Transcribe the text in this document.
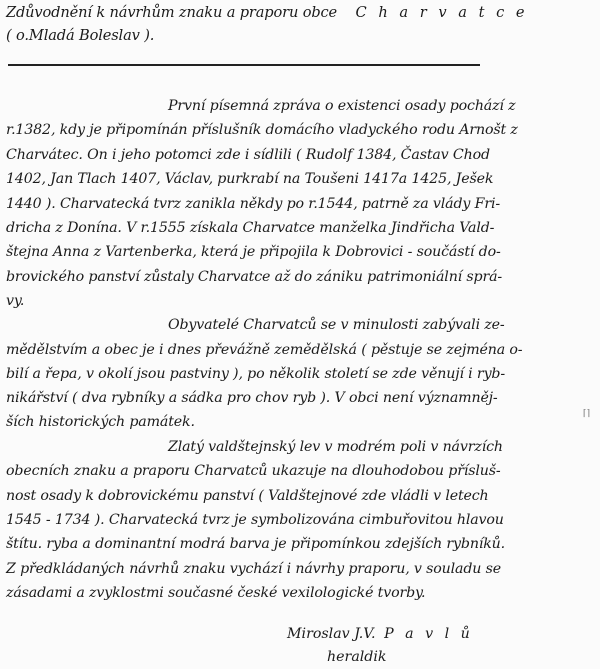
Zdůvodnění k návrhům znaku a praporu obce C h a r v a t c e
( o.Mladá Boleslav ).
První písemná zpráva o existenci osady pochází z
r.1382, kdy je připomínán příslušník domácího vladyckého rodu Arnošt z
Charvátec. On i jeho potomci zde i sídlili ( Rudolf 1384, Častav Chod
1402, Jan Tlach 1407, Václav, purkrabí na Toušeni 1417a 1425, Ješek
1440 ). Charvatecká tvrz zanikla někdy po r.1544, patrně za vlády Fri-
dricha z Donína. V r.1555 získala Charvatce manželka Jindřicha Vald-
štejna Anna z Vartenberka, která je připojila k Dobrovici - součástí do-
brovického panství zůstaly Charvatce až do zániku patrimoniální sprá-
vy.
Obyvatelé Charvatců se v minulosti zabývali ze-
mědělstvím a obec je i dnes převážně zemědělská ( pěstuje se zejména o-
bilí a řepa, v okolí jsou pastviny ), po několik století se zde věnují i ryb-
nikářství ( dva rybníky a sádka pro chov ryb ). V obci není významněj-
ších historických památek.
Zlatý valdštejnský lev v modrém poli v návrzích
obecních znaku a praporu Charvatců ukazuje na dlouhodobou přísluš-
nost osady k dobrovickému panství ( Valdštejnové zde vládli v letech
1545 - 1734 ). Charvatecká tvrz je symbolizována cimbuřovitou hlavou
štítu. ryba a dominantní modrá barva je připomínkou zdejších rybníků.
Z předkládaných návrhů znaku vychází i návrhy praporu, v souladu se
zásadami a zvyklostmi současné české vexilologické tvorby.
Miroslav J.V. P a v l ů
heraldik
⌈⌉
